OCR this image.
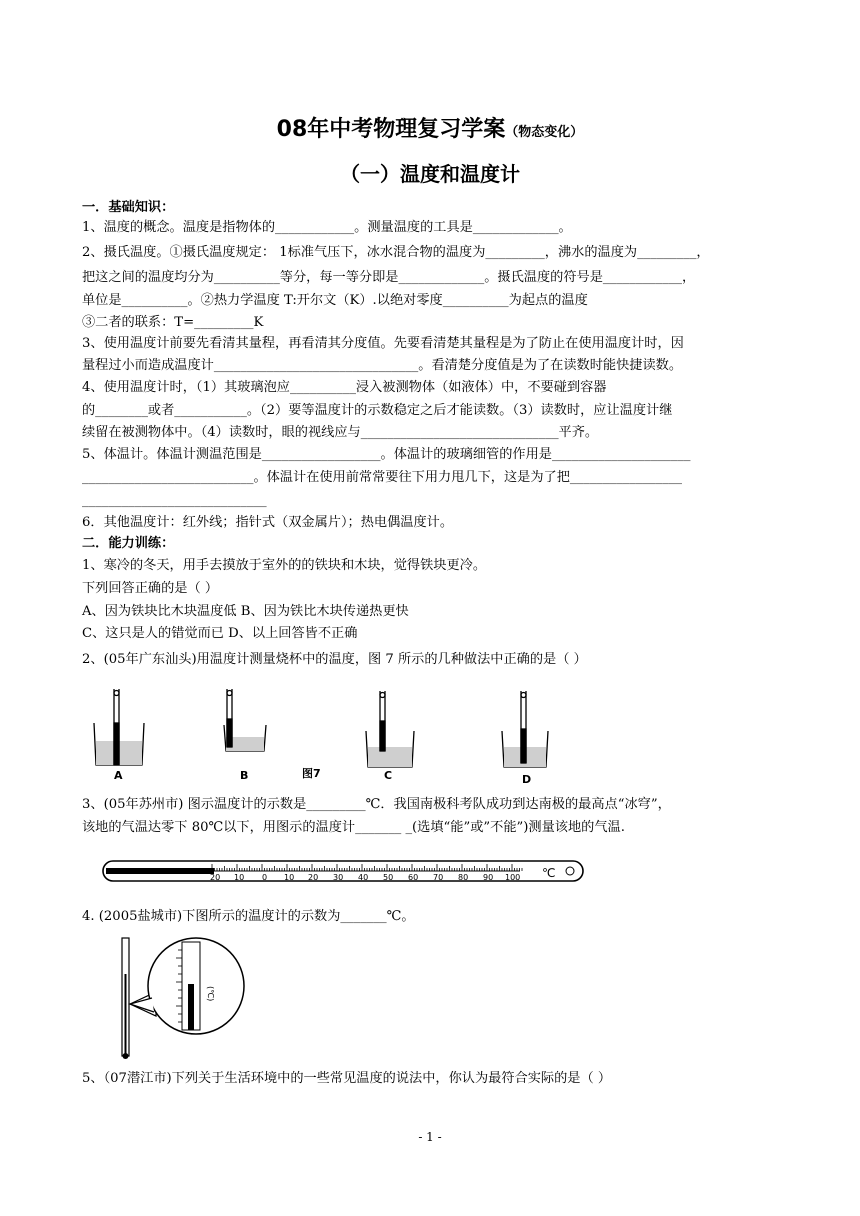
08年中考物理复习学案（物态变化）
（一）温度和温度计
一．基础知识：
1、温度的概念。温度是指物体的____________。测量温度的工具是_____________。
2、摄氏温度。①摄氏温度规定： 1标准气压下，冰水混合物的温度为_________，沸水的温度为_________，
把这之间的温度均分为__________等分，每一等分即是_____________。摄氏温度的符号是____________，
单位是__________。②热力学温度 T:开尔文（K）.以绝对零度__________为起点的温度
③二者的联系：T=_________K
3、使用温度计前要先看清其量程，再看清其分度值。先要看清楚其量程是为了防止在使用温度计时，因
量程过小而造成温度计_______________________________。看清楚分度值是为了在读数时能快捷读数。
4、使用温度计时，（1）其玻璃泡应__________浸入被测物体（如液体）中，不要碰到容器
的________或者___________。（2）要等温度计的示数稳定之后才能读数。（3）读数时，应让温度计继
续留在被测物体中。（4）读数时，眼的视线应与______________________________平齐。
5、体温计。体温计测温范围是__________________。体温计的玻璃细管的作用是_____________________
__________________________。体温计在使用前常常要往下用力甩几下，这是为了把_________________
____________________________
6．其他温度计：红外线；指针式（双金属片）；热电偶温度计。
二．能力训练：
1、寒冷的冬天，用手去摸放于室外的的铁块和木块，觉得铁块更冷。
下列回答正确的是（ ）
A、因为铁块比木块温度低 B、因为铁比木块传递热更快
C、这只是人的错觉而已 D、以上回答皆不正确
2、(05年广东汕头)用温度计测量烧杯中的温度，图 7 所示的几种做法中正确的是（ ）
A	B	C	D
图7
3、(05年苏州市) 图示温度计的示数是_________℃．我国南极科考队成功到达南极的最高点“冰穹”，
该地的气温达零下 80℃以下，用图示的温度计_______ _(选填“能”或”不能”)测量该地的气温.
20 10 0 10 20 30 40 50 60 70 80 90 100 ℃
4. (2005盐城市)下图所示的温度计的示数为_______℃。
(℃)
5、（07潜江市)下列关于生活环境中的一些常见温度的说法中，你认为最符合实际的是（ ）
- 1 -
